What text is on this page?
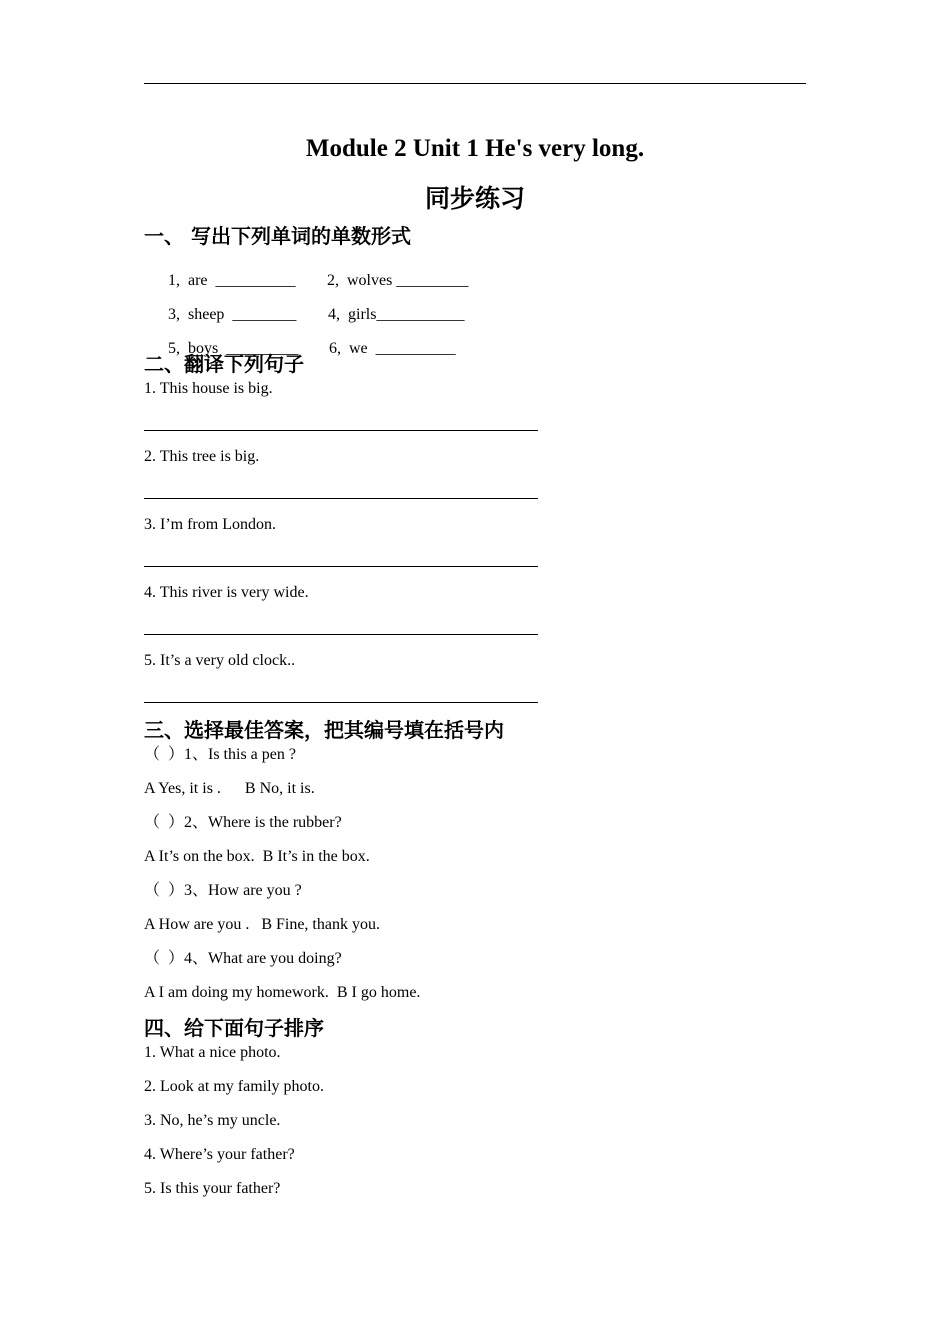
Module 2 Unit 1 He's very long.
同步练习
一、 写出下列单词的单数形式

1,  are  __________ 2,  wolves _________

3,  sheep  ________ 4,  girls___________

5,  boys  _________ 6,  we  __________

二、翻译下列句子
1. This house is big.
2. This tree is big.
3. I’m from London.
4. This river is very wide.
5. It’s a very old clock..
三、选择最佳答案，把其编号填在括号内
（  ）1、Is this a pen ?
A Yes, it is .      B No, it is.
（  ）2、Where is the rubber?
A It’s on the box.  B It’s in the box.
（  ）3、How are you ?
A How are you .   B Fine, thank you.
（  ）4、What are you doing?
A I am doing my homework.  B I go home.
四、给下面句子排序
1. What a nice photo.
2. Look at my family photo.
3. No, he’s my uncle.
4. Where’s your father?
5. Is this your father?
